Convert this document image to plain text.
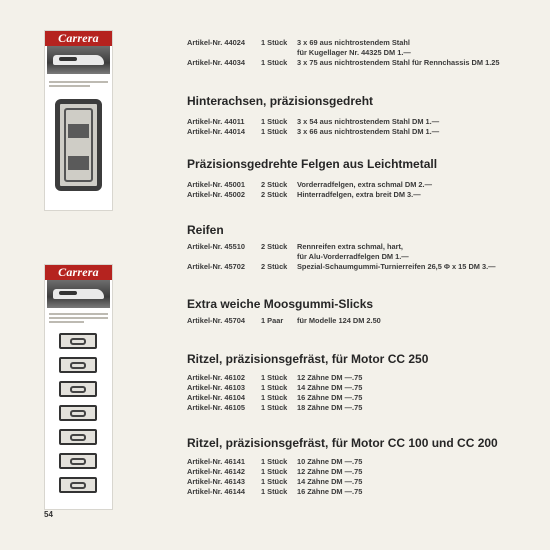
Carrera
Carrera
Artikel-Nr. 44024 1 Stück 3 x 69 aus nichtrostendem Stahl
für Kugellager Nr. 44325 DM 1.—
Artikel-Nr. 44034 1 Stück 3 x 75 aus nichtrostendem Stahl für Rennchassis DM 1.25
Hinterachsen, präzisionsgedreht
Artikel-Nr. 44011 1 Stück 3 x 54 aus nichtrostendem Stahl DM 1.—
Artikel-Nr. 44014 1 Stück 3 x 66 aus nichtrostendem Stahl DM 1.—
Präzisionsgedrehte Felgen aus Leichtmetall
Artikel-Nr. 45001 2 Stück Vorderradfelgen, extra schmal DM 2.—
Artikel-Nr. 45002 2 Stück Hinterradfelgen, extra breit DM 3.—
Reifen
Artikel-Nr. 45510 2 Stück Rennreifen extra schmal, hart,
für Alu-Vorderradfelgen DM 1.—
Artikel-Nr. 45702 2 Stück Spezial-Schaumgummi-Turnierreifen 26,5 Φ x 15 DM 3.—
Extra weiche Moosgummi-Slicks
Artikel-Nr. 45704 1 Paar für Modelle 124 DM 2.50
Ritzel, präzisionsgefräst, für Motor CC 250
Artikel-Nr. 46102 1 Stück 12 Zähne DM —.75
Artikel-Nr. 46103 1 Stück 14 Zähne DM —.75
Artikel-Nr. 46104 1 Stück 16 Zähne DM —.75
Artikel-Nr. 46105 1 Stück 18 Zähne DM —.75
Ritzel, präzisionsgefräst, für Motor CC 100 und CC 200
Artikel-Nr. 46141 1 Stück 10 Zähne DM —.75
Artikel-Nr. 46142 1 Stück 12 Zähne DM —.75
Artikel-Nr. 46143 1 Stück 14 Zähne DM —.75
Artikel-Nr. 46144 1 Stück 16 Zähne DM —.75
54
